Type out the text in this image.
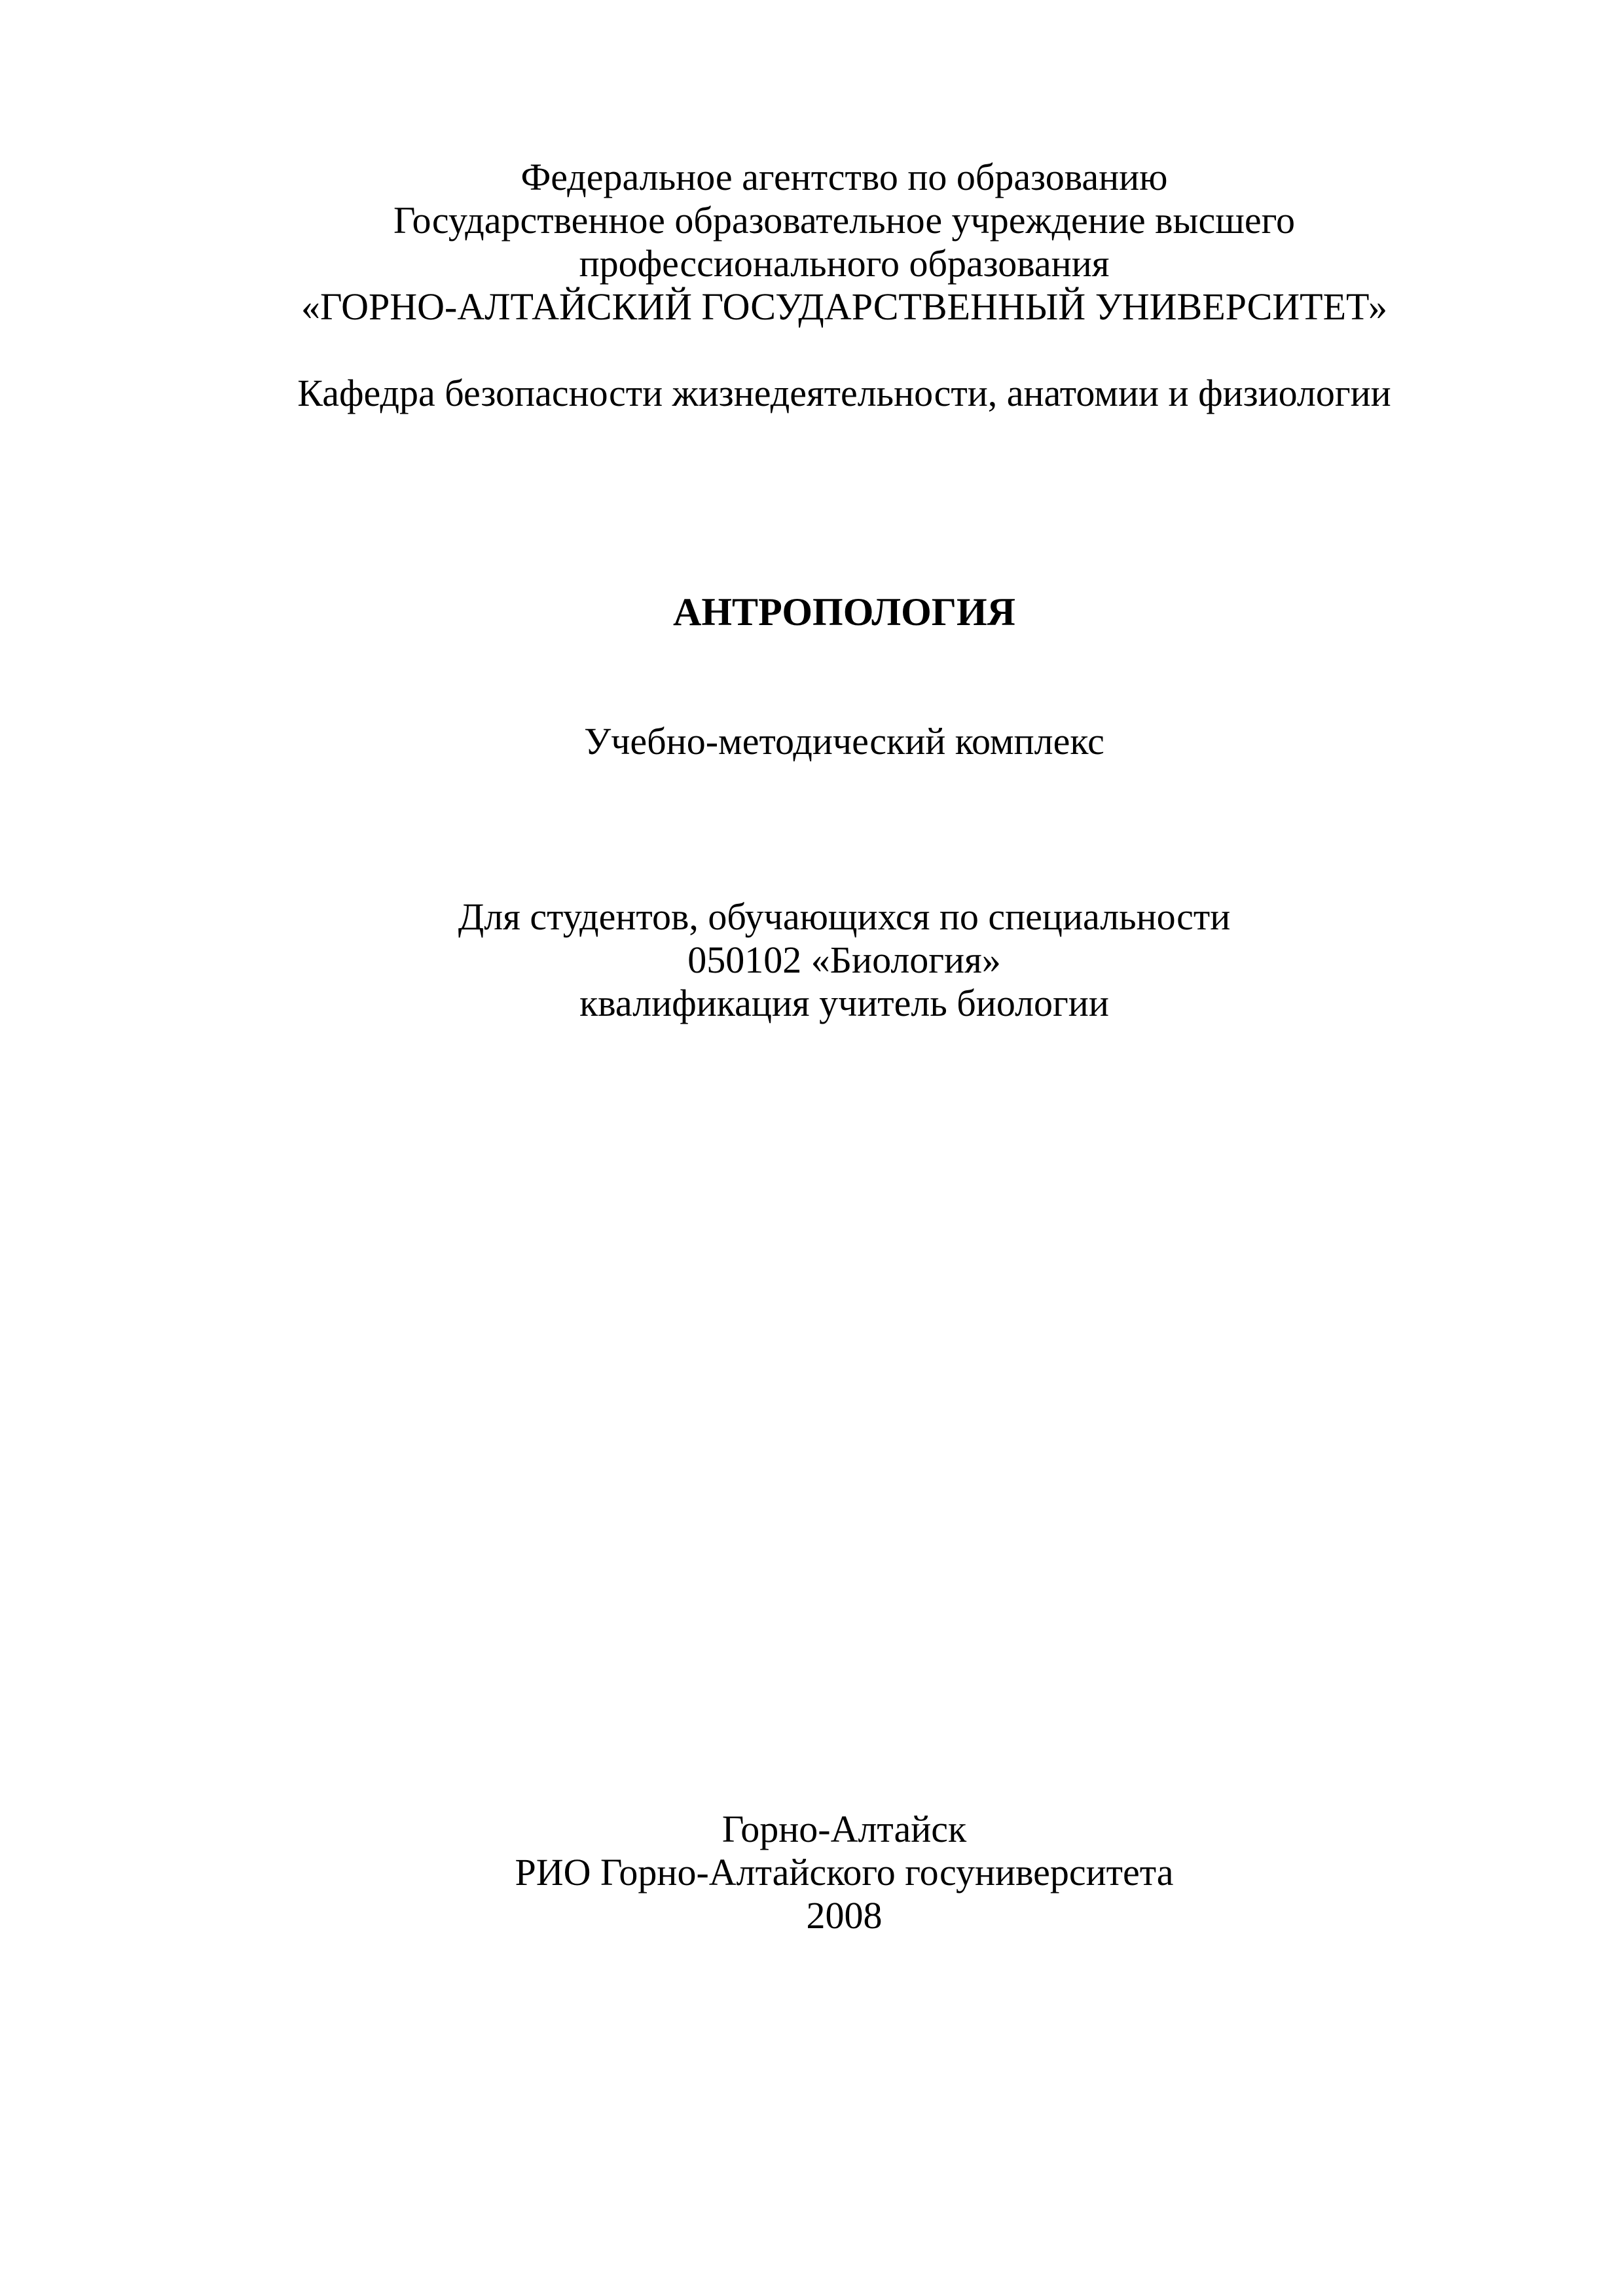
Федеральное агентство по образованию
Государственное образовательное учреждение высшего
профессионального образования
«ГОРНО-АЛТАЙСКИЙ ГОСУДАРСТВЕННЫЙ УНИВЕРСИТЕТ»
Кафедра безопасности жизнедеятельности, анатомии и физиологии
АНТРОПОЛОГИЯ
Учебно-методический комплекс
Для студентов, обучающихся по специальности
050102 «Биология»
квалификация учитель биологии
Горно-Алтайск
РИО Горно-Алтайского госуниверситета
2008
